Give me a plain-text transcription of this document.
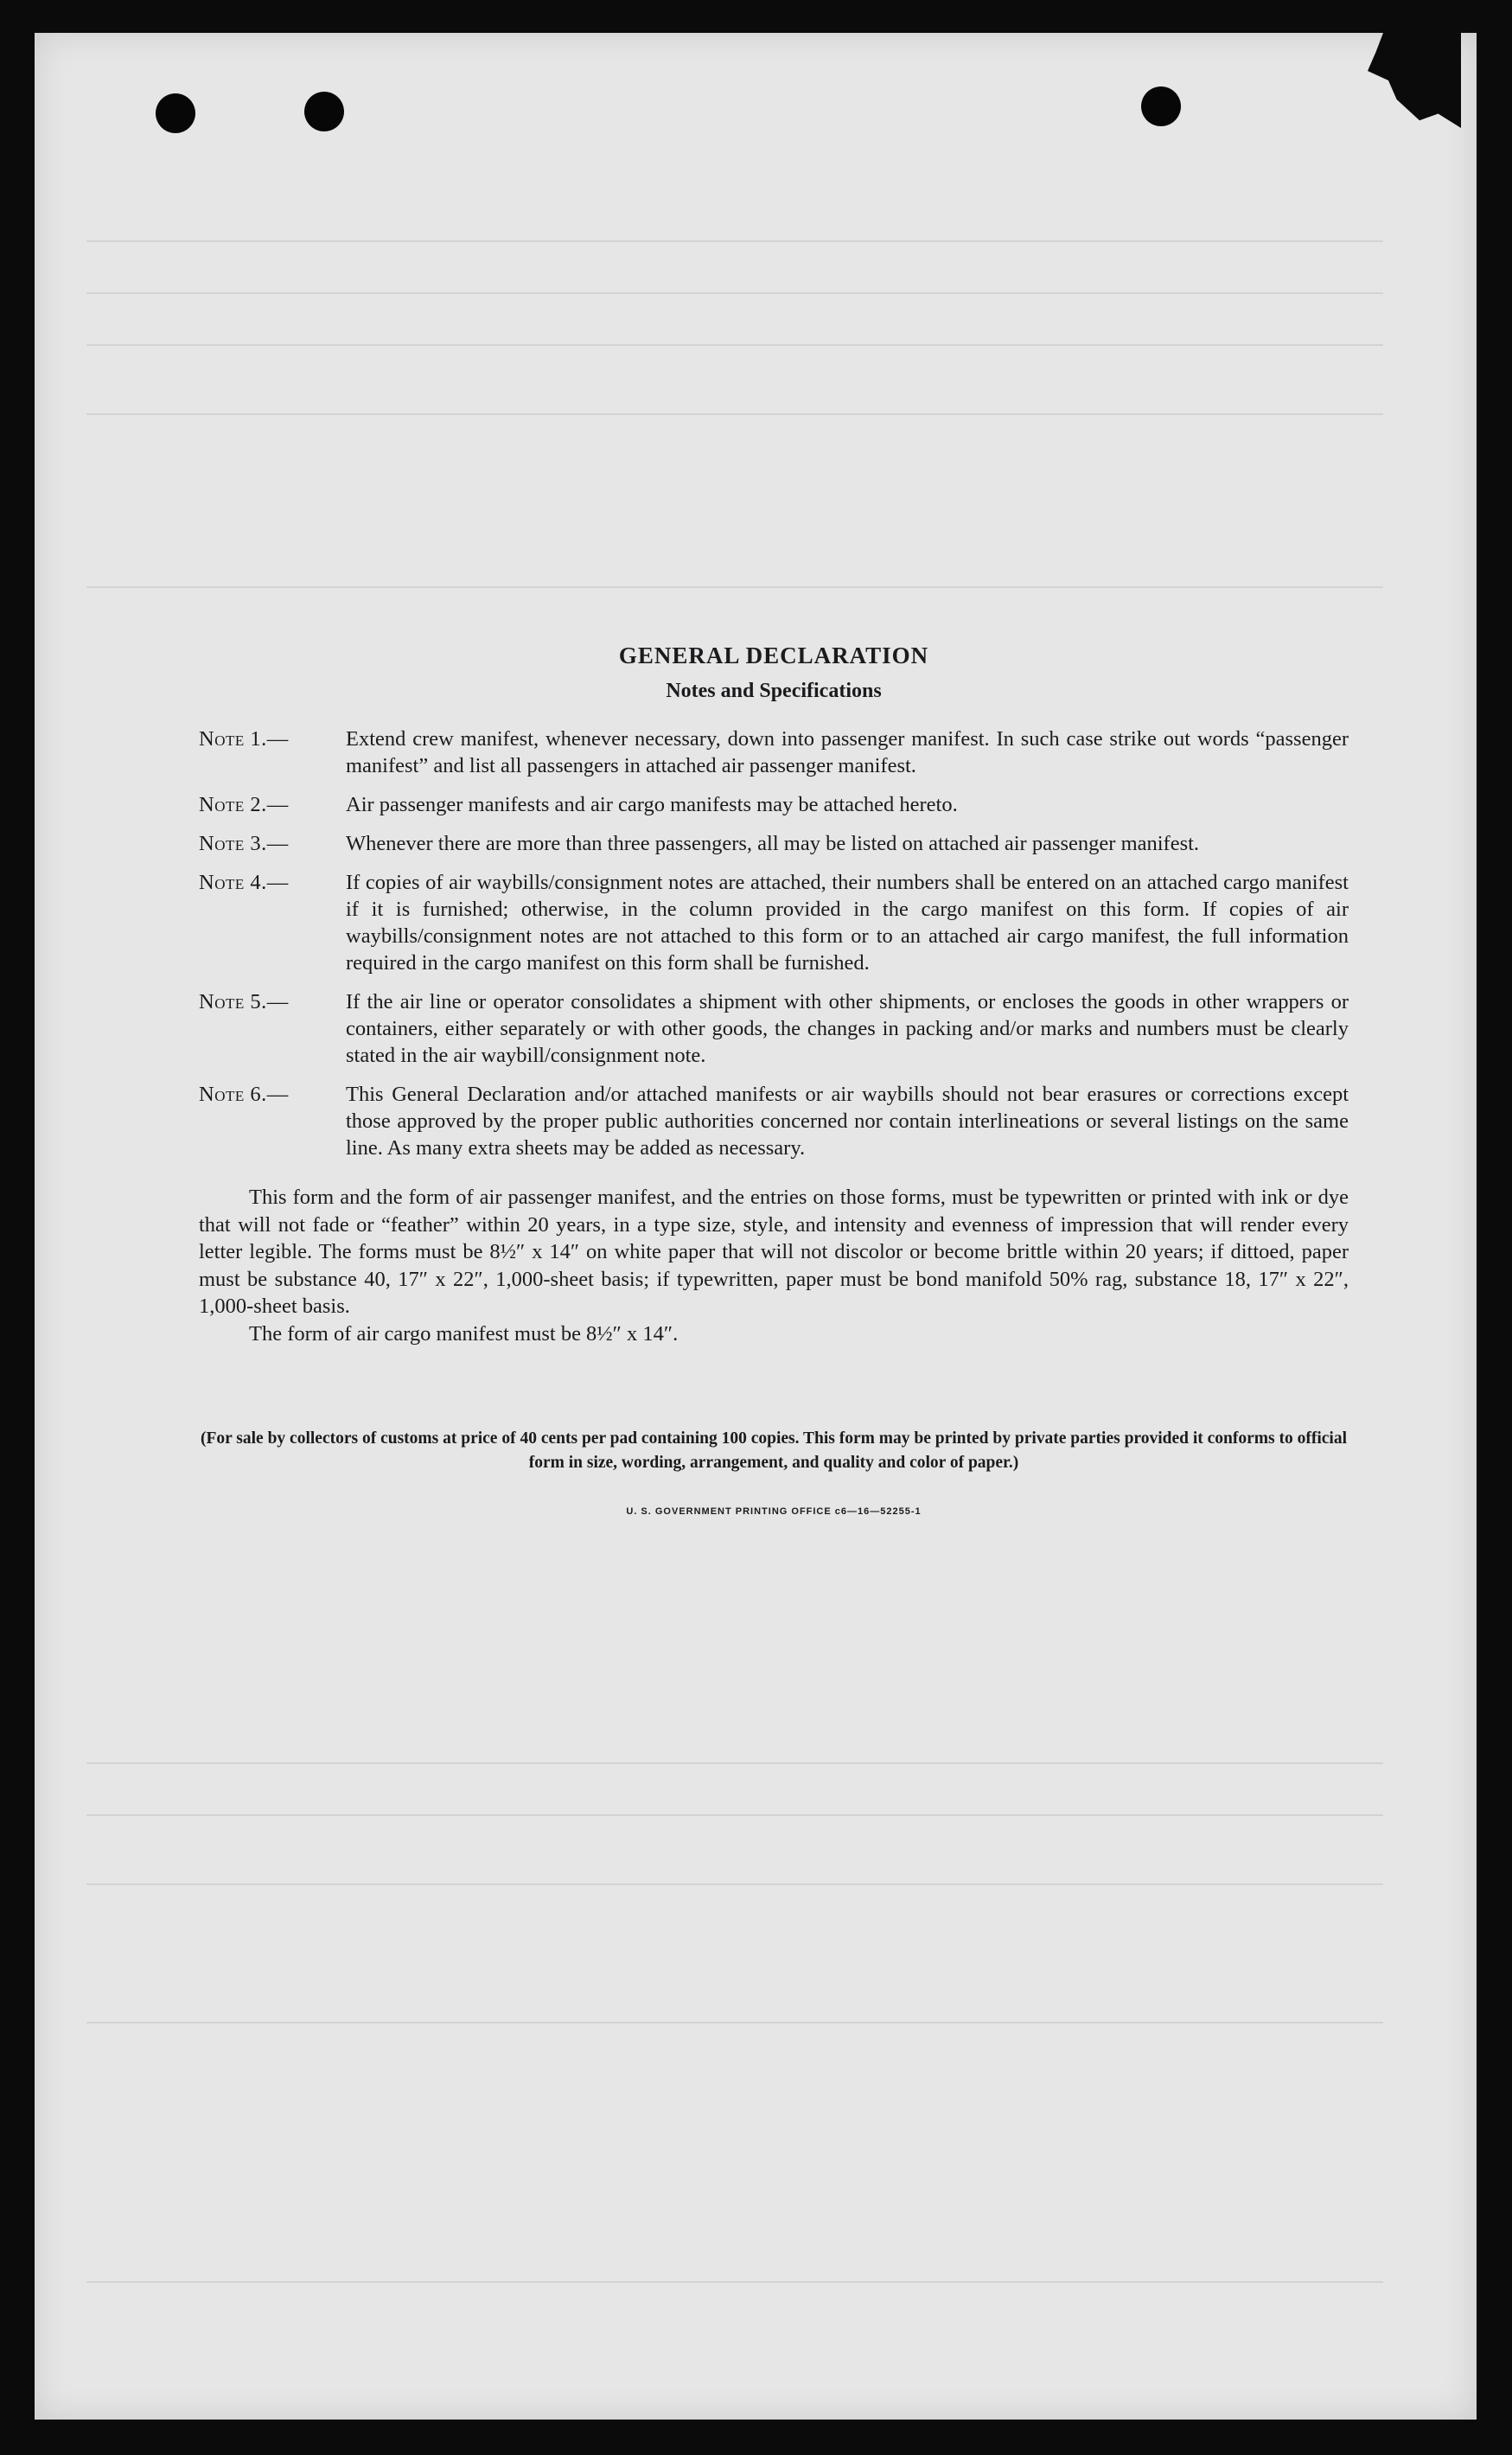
GENERAL DECLARATION
Notes and Specifications
Note 1.—	Extend crew manifest, whenever necessary, down into passenger manifest. In such case strike out words “passenger manifest” and list all passengers in attached air passenger manifest.
Note 2.—	Air passenger manifests and air cargo manifests may be attached hereto.
Note 3.—	Whenever there are more than three passengers, all may be listed on attached air passenger manifest.
Note 4.—	If copies of air waybills/consignment notes are attached, their numbers shall be entered on an attached cargo manifest if it is furnished; otherwise, in the column provided in the cargo manifest on this form. If copies of air waybills/consignment notes are not attached to this form or to an attached air cargo manifest, the full information required in the cargo manifest on this form shall be furnished.
Note 5.—	If the air line or operator consolidates a shipment with other shipments, or encloses the goods in other wrappers or containers, either separately or with other goods, the changes in packing and/or marks and numbers must be clearly stated in the air waybill/consignment note.
Note 6.—	This General Declaration and/or attached manifests or air waybills should not bear erasures or corrections except those approved by the proper public authorities concerned nor contain interlineations or several listings on the same line. As many extra sheets may be added as necessary.

This form and the form of air passenger manifest, and the entries on those forms, must be typewritten or printed with ink or dye that will not fade or “feather” within 20 years, in a type size, style, and intensity and evenness of impression that will render every letter legible. The forms must be 8½″ x 14″ on white paper that will not discolor or become brittle within 20 years; if dittoed, paper must be substance 40, 17″ x 22″, 1,000-sheet basis; if typewritten, paper must be bond manifold 50% rag, substance 18, 17″ x 22″, 1,000-sheet basis.

The form of air cargo manifest must be 8½″ x 14″.

(For sale by collectors of customs at price of 40 cents per pad containing 100 copies. This form may be printed by private parties provided it conforms to official form in size, wording, arrangement, and quality and color of paper.)

U. S. GOVERNMENT PRINTING OFFICE c6—16—52255-1
